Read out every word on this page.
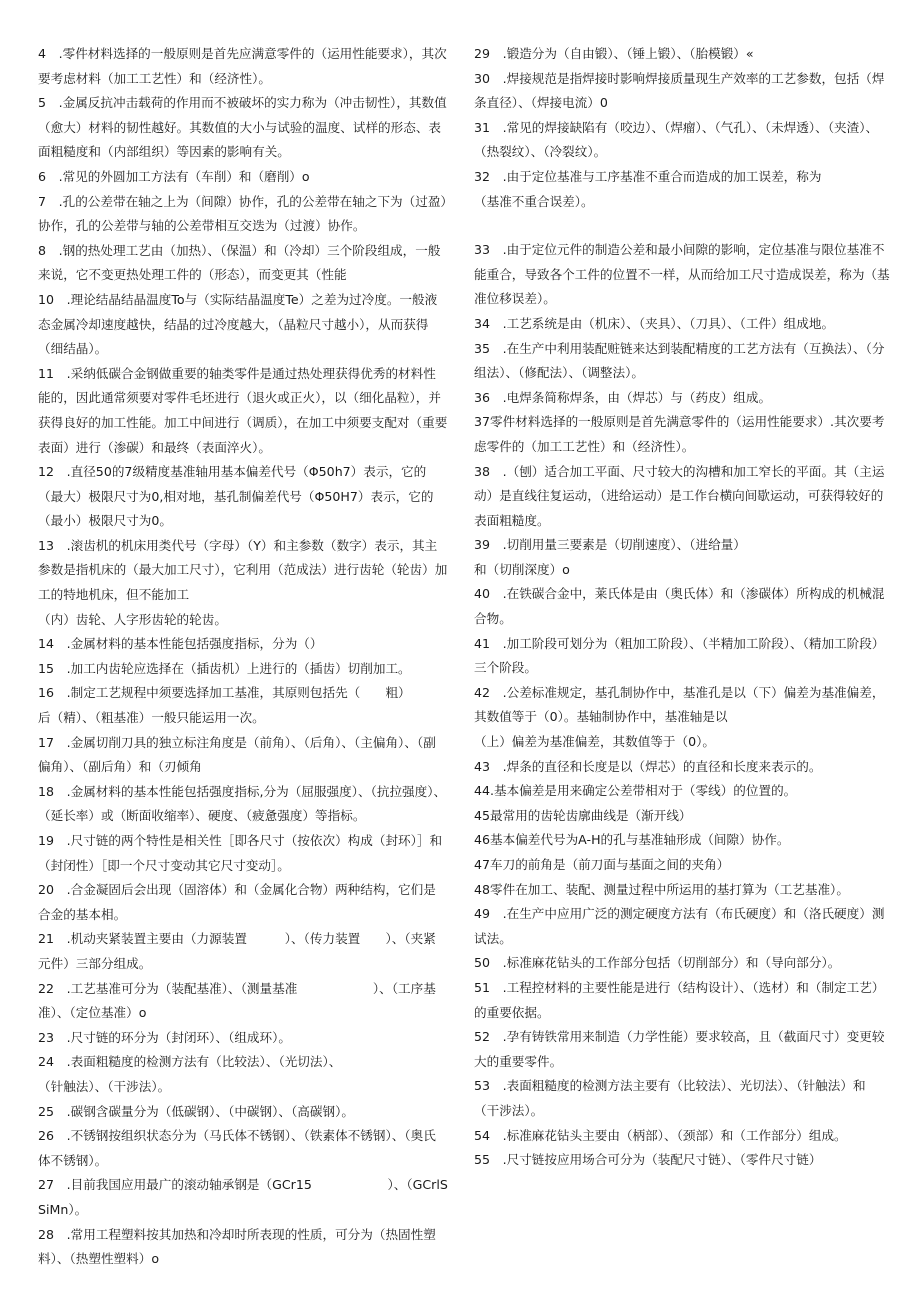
4　.零件材料选择的一般原则是首先应满意零件的（运用性能要求），其次要考虑材料（加工工艺性）和（经济性）。

5　.金属反抗冲击载荷的作用而不被破坏的实力称为（冲击韧性），其数值（愈大）材料的韧性越好。其数值的大小与试验的温度、试样的形态、表面粗糙度和（内部组织）等因素的影响有关。

6　.常见的外圆加工方法有（车削）和（磨削）o

7　.孔的公差带在轴之上为（间隙）协作，孔的公差带在轴之下为（过盈）协作，孔的公差带与轴的公差带相互交迭为（过渡）协作。

8　.钢的热处理工艺由（加热）、（保温）和（冷却）三个阶段组成，一般来说，它不变更热处理工件的（形态），而变更其（性能

10　.理论结晶结晶温度To与（实际结晶温度Te）之差为过冷度。一般液态金属冷却速度越快，结晶的过冷度越大，（晶粒尺寸越小），从而获得（细结晶）。

11　.采纳低碳合金钢做重要的轴类零件是通过热处理获得优秀的材料性能的，因此通常须要对零件毛坯进行（退火或正火），以（细化晶粒），并获得良好的加工性能。加工中间进行（调质），在加工中须要支配对（重要表面）进行（渗碳）和最终（表面淬火）。

12　.直径50的7级精度基准轴用基本偏差代号（Φ50h7）表示，它的（最大）极限尺寸为0,相对地，基孔制偏差代号（Φ50H7）表示，它的（最小）极限尺寸为0。

13　.滚齿机的机床用类代号（字母）（Y）和主参数（数字）表示，其主参数是指机床的（最大加工尺寸），它利用（范成法）进行齿轮（轮齿）加工的特地机床，但不能加工

（内）齿轮、人字形齿轮的轮齿。

14　.金属材料的基本性能包括强度指标，分为（）

15　.加工内齿轮应选择在（插齿机）上进行的（插齿）切削加工。

16　.制定工艺规程中须要选择加工基准，其原则包括先（　　粗）

后（精）、（粗基准）一般只能运用一次。

17　.金属切削刀具的独立标注角度是（前角）、（后角）、（主偏角）、（副偏角）、（副后角）和（刃倾角

18　.金属材料的基本性能包括强度指标,分为（屈服强度）、（抗拉强度）、（延长率）或（断面收缩率）、硬度、（疲惫强度）等指标。

19　.尺寸链的两个特性是相关性［即各尺寸（按依次）构成（封环）］和（封闭性）［即一个尺寸变动其它尺寸变动］。

20　.合金凝固后会出现（固溶体）和（金属化合物）两种结构，它们是合金的基本相。

21　.机动夹紧装置主要由（力源装置　　　）、（传力装置　　）、（夹紧元件）三部分组成。

22　.工艺基准可分为（装配基准）、（测量基准　　　　　　）、（工序基准）、（定位基准）o

23　.尺寸链的环分为（封闭环）、（组成环）。

24　.表面粗糙度的检测方法有（比较法）、（光切法）、

（针触法）、（干涉法）。

25　.碳钢含碳量分为（低碳钢）、（中碳钢）、（高碳钢）。

26　.不锈钢按组织状态分为（马氏体不锈钢）、（铁素体不锈钢）、（奥氏体不锈钢）。

27　.目前我国应用最广的滚动轴承钢是（GCr15　　　　　　）、（GCrlSSiMn）。

28　.常用工程塑料按其加热和冷却时所表现的性质，可分为（热固性塑料）、（热塑性塑料）o

29　.锻造分为（自由锻）、（锤上锻）、（胎模锻）«

30　.焊接规范是指焊接时影响焊接质量现生产效率的工艺参数，包括（焊条直径）、（焊接电流）0

31　.常见的焊接缺陷有（咬边）、（焊瘤）、（气孔）、（未焊透）、（夹渣）、（热裂纹）、（冷裂纹）。

32　.由于定位基准与工序基准不重合而造成的加工误差，称为

（基准不重合误差）。

33　.由于定位元件的制造公差和最小间隙的影响，定位基准与限位基准不能重合，导致各个工件的位置不一样，从而给加工尺寸造成误差，称为（基准位移误差）。

34　.工艺系统是由（机床）、（夹具）、（刀具）、（工件）组成地。

35　.在生产中利用装配赃链来达到装配精度的工艺方法有（互换法）、（分组法）、（修配法）、（调整法）。

36　.电焊条简称焊条，由（焊芯）与（药皮）组成。

37零件材料选择的一般原则是首先满意零件的（运用性能要求）.其次要考虑零件的（加工工艺性）和（经济性）。

38　.（刨）适合加工平面、尺寸较大的沟槽和加工窄长的平面。其（主运动）是直线往复运动，（进给运动）是工作台横向间歇运动，可获得较好的表面粗糙度。

39　.切削用量三要素是（切削速度）、（进给量）

和（切削深度）o

40　.在铁碳合金中，莱氏体是由（奥氏体）和（渗碳体）所构成的机械混合物。

41　.加工阶段可划分为（粗加工阶段）、（半精加工阶段）、（精加工阶段）三个阶段。

42　.公差标准规定，基孔制协作中，基准孔是以（下）偏差为基准偏差，其数值等于（0）。基轴制协作中，基准轴是以

（上）偏差为基准偏差，其数值等于（0）。

43　.焊条的直径和长度是以（焊芯）的直径和长度来表示的。

44.基本偏差是用来确定公差带相对于（零线）的位置的。

45最常用的齿轮齿廓曲线是（渐开线）

46基本偏差代号为A-H的孔与基准轴形成（间隙）协作。

47车刀的前角是（前刀面与基面之间的夹角）

48零件在加工、装配、测量过程中所运用的基打算为（工艺基准）。

49　.在生产中应用广泛的测定硬度方法有（布氏硬度）和（洛氏硬度）测试法。

50　.标准麻花钻头的工作部分包括（切削部分）和（导向部分）。

51　.工程控材料的主要性能是进行（结构设计）、（选材）和（制定工艺）的重要依据。

52　.孕有铸铁常用来制造（力学性能）要求较高，且（截面尺寸）变更较大的重要零件。

53　.表面粗糙度的检测方法主要有（比较法）、光切法）、（针触法）和（干涉法）。

54　.标准麻花钻头主要由（柄部）、（颈部）和（工作部分）组成。

55　.尺寸链按应用场合可分为（装配尺寸链）、（零件尺寸链）
